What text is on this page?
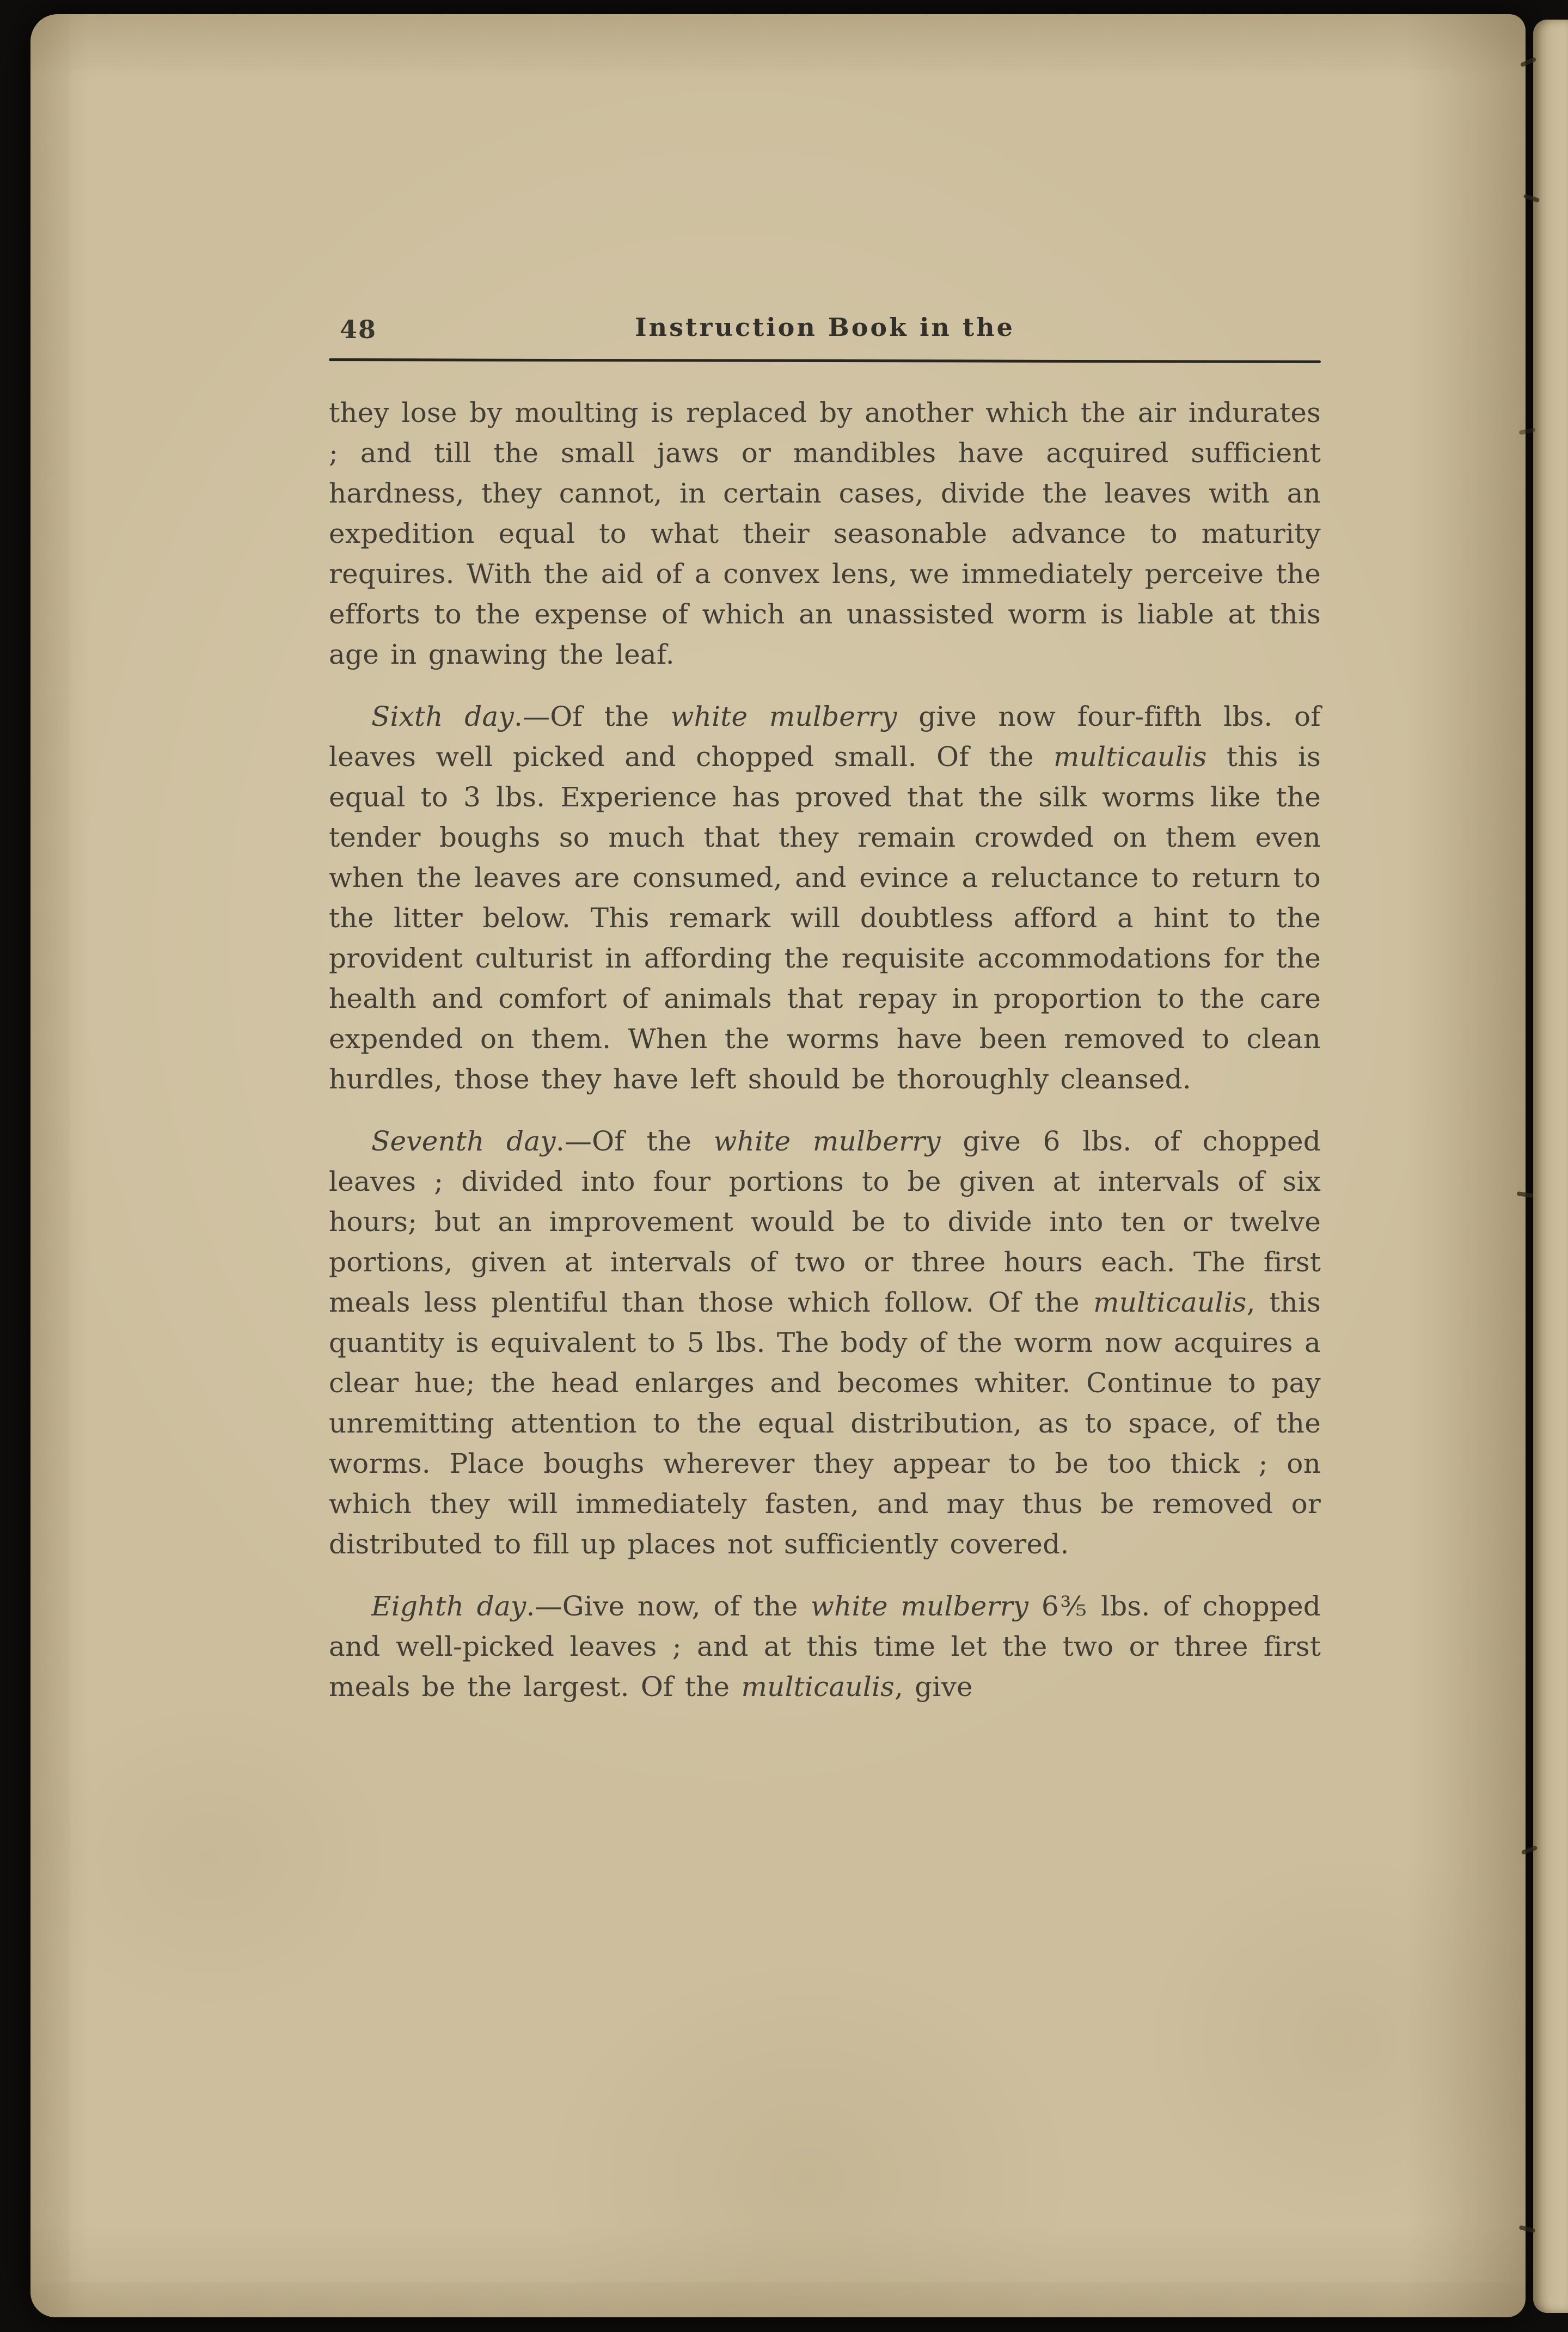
48	Instruction Book in the

they lose by moulting is replaced by another which the air indurates ; and till the small jaws or mandibles have acquired sufficient hardness, they cannot, in certain cases, divide the leaves with an expedition equal to what their seasonable advance to maturity requires. With the aid of a convex lens, we immediately perceive the efforts to the expense of which an unassisted worm is liable at this age in gnawing the leaf.

Sixth day.—Of the white mulberry give now four-fifth lbs. of leaves well picked and chopped small. Of the multicaulis this is equal to 3 lbs. Experience has proved that the silk worms like the tender boughs so much that they remain crowded on them even when the leaves are consumed, and evince a reluctance to return to the litter below. This remark will doubtless afford a hint to the provident culturist in affording the requisite accommodations for the health and comfort of animals that repay in proportion to the care expended on them. When the worms have been removed to clean hurdles, those they have left should be thoroughly cleansed.

Seventh day.—Of the white mulberry give 6 lbs. of chopped leaves ; divided into four portions to be given at intervals of six hours; but an improvement would be to divide into ten or twelve portions, given at intervals of two or three hours each. The first meals less plentiful than those which follow. Of the multicaulis, this quantity is equivalent to 5 lbs. The body of the worm now acquires a clear hue; the head enlarges and becomes whiter. Continue to pay unremitting attention to the equal distribution, as to space, of the worms. Place boughs wherever they appear to be too thick ; on which they will immediately fasten, and may thus be removed or distributed to fill up places not sufficiently covered.

Eighth day.—Give now, of the white mulberry 6⅗ lbs. of chopped and well-picked leaves ; and at this time let the two or three first meals be the largest. Of the multicaulis, give
